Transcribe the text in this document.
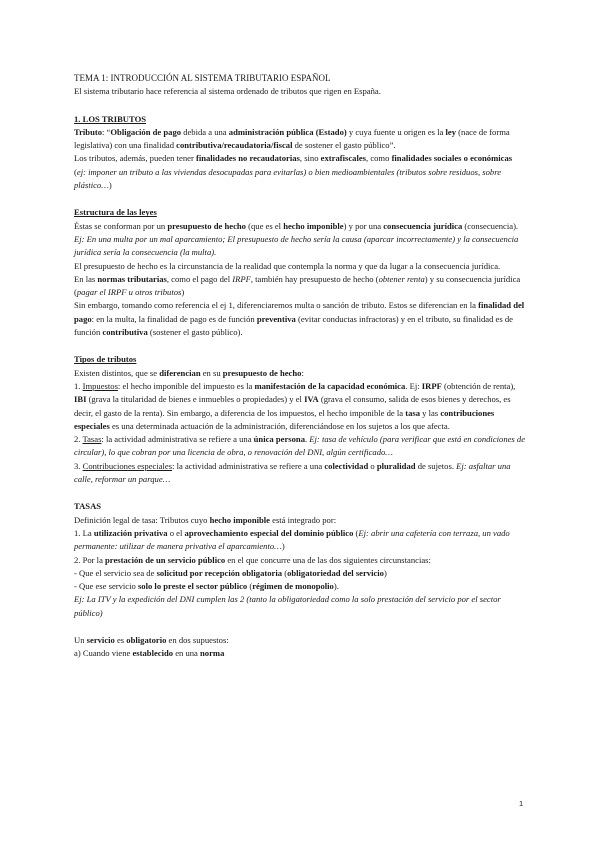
TEMA 1: INTRODUCCIÓN AL SISTEMA TRIBUTARIO ESPAÑOL

El sistema tributario hace referencia al sistema ordenado de tributos que rigen en España.

1. LOS TRIBUTOS

Tributo: “Obligación de pago debida a una administración pública (Estado) y cuya fuente u origen es la ley (nace de forma legislativa) con una finalidad contributiva/recaudatoria/fiscal de sostener el gasto público”.

Los tributos, además, pueden tener finalidades no recaudatorias, sino extrafiscales, como finalidades sociales o económicas (ej: imponer un tributo a las viviendas desocupadas para evitarlas) o bien medioambientales (tributos sobre residuos, sobre plástico…)

Estructura de las leyes

Éstas se conforman por un presupuesto de hecho (que es el hecho imponible) y por una consecuencia jurídica (consecuencia). Ej: En una multa por un mal aparcamiento; El presupuesto de hecho sería la causa (aparcar incorrectamente) y la consecuencia jurídica sería la consecuencia (la multa).

El presupuesto de hecho es la circunstancia de la realidad que contempla la norma y que da lugar a la consecuencia jurídica.

En las normas tributarias, como el pago del IRPF, también hay presupuesto de hecho (obtener renta) y su consecuencia jurídica (pagar el IRPF u otros tributos)

Sin embargo, tomando como referencia el ej 1, diferenciaremos multa o sanción de tributo. Estos se diferencian en la finalidad del pago: en la multa, la finalidad de pago es de función preventiva (evitar conductas infractoras) y en el tributo, su finalidad es de función contributiva (sostener el gasto público).

Tipos de tributos

Existen distintos, que se diferencian en su presupuesto de hecho:

1. Impuestos: el hecho imponible del impuesto es la manifestación de la capacidad económica. Ej: IRPF (obtención de renta), IBI (grava la titularidad de bienes e inmuebles o propiedades) y el IVA (grava el consumo, salida de esos bienes y derechos, es decir, el gasto de la renta). Sin embargo, a diferencia de los impuestos, el hecho imponible de la tasa y las contribuciones especiales es una determinada actuación de la administración, diferenciándose en los sujetos a los que afecta.

2. Tasas: la actividad administrativa se refiere a una única persona. Ej: tasa de vehículo (para verificar que está en condiciones de circular), lo que cobran por una licencia de obra, o renovación del DNI, algún certificado…

3. Contribuciones especiales: la actividad administrativa se refiere a una colectividad o pluralidad de sujetos. Ej: asfaltar una calle, reformar un parque…

TASAS

Definición legal de tasa: Tributos cuyo hecho imponible está integrado por:

1. La utilización privativa o el aprovechamiento especial del dominio público (Ej: abrir una cafetería con terraza, un vado permanente: utilizar de manera privativa el aparcamiento…)

2. Por la prestación de un servicio público en el que concurre una de las dos siguientes circunstancias:

- Que el servicio sea de solicitud por recepción obligatoria (obligatoriedad del servicio)

- Que ese servicio solo lo preste el sector público (régimen de monopolio).

Ej: La ITV y la expedición del DNI cumplen las 2 (tanto la obligatoriedad como la solo prestación del servicio por el sector público)

Un servicio es obligatorio en dos supuestos:

a) Cuando viene establecido en una norma

1
